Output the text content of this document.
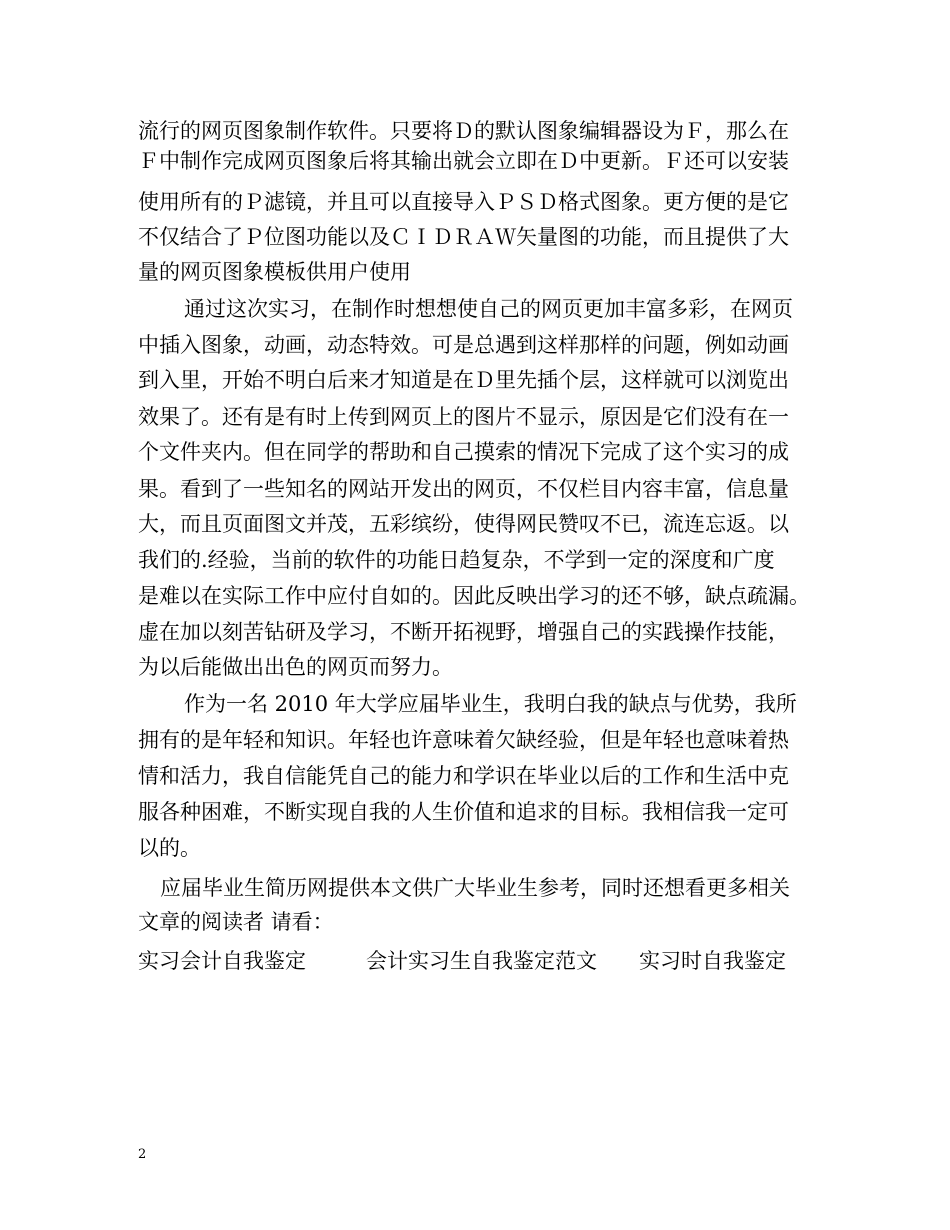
流行的网页图象制作软件。只要将Ｄ的默认图象编辑器设为Ｆ，那么在
Ｆ中制作完成网页图象后将其输出就会立即在Ｄ中更新。Ｆ还可以安装
使用所有的Ｐ滤镜，并且可以直接导入ＰＳＤ格式图象。更方便的是它
不仅结合了Ｐ位图功能以及ＣＩＤＲＡＷ矢量图的功能，而且提供了大
量的网页图象模板供用户使用
通过这次实习，在制作时想想使自己的网页更加丰富多彩，在网页
中插入图象，动画，动态特效。可是总遇到这样那样的问题，例如动画
到入里，开始不明白后来才知道是在Ｄ里先插个层，这样就可以浏览出
效果了。还有是有时上传到网页上的图片不显示，原因是它们没有在一
个文件夹内。但在同学的帮助和自己摸索的情况下完成了这个实习的成
果。看到了一些知名的网站开发出的网页，不仅栏目内容丰富，信息量
大，而且页面图文并茂，五彩缤纷，使得网民赞叹不已，流连忘返。以
我们的.经验，当前的软件的功能日趋复杂，不学到一定的深度和广度
是难以在实际工作中应付自如的。因此反映出学习的还不够，缺点疏漏。
虚在加以刻苦钻研及学习，不断开拓视野，增强自己的实践操作技能，
为以后能做出出色的网页而努力。
作为一名 2010 年大学应届毕业生，我明白我的缺点与优势，我所
拥有的是年轻和知识。年轻也许意味着欠缺经验，但是年轻也意味着热
情和活力，我自信能凭自己的能力和学识在毕业以后的工作和生活中克
服各种困难，不断实现自我的人生价值和追求的目标。我相信我一定可
以的。
应届毕业生简历网提供本文供广大毕业生参考，同时还想看更多相关
文章的阅读者 请看：
实习会计自我鉴定	会计实习生自我鉴定范文 实习时自我鉴定
2
